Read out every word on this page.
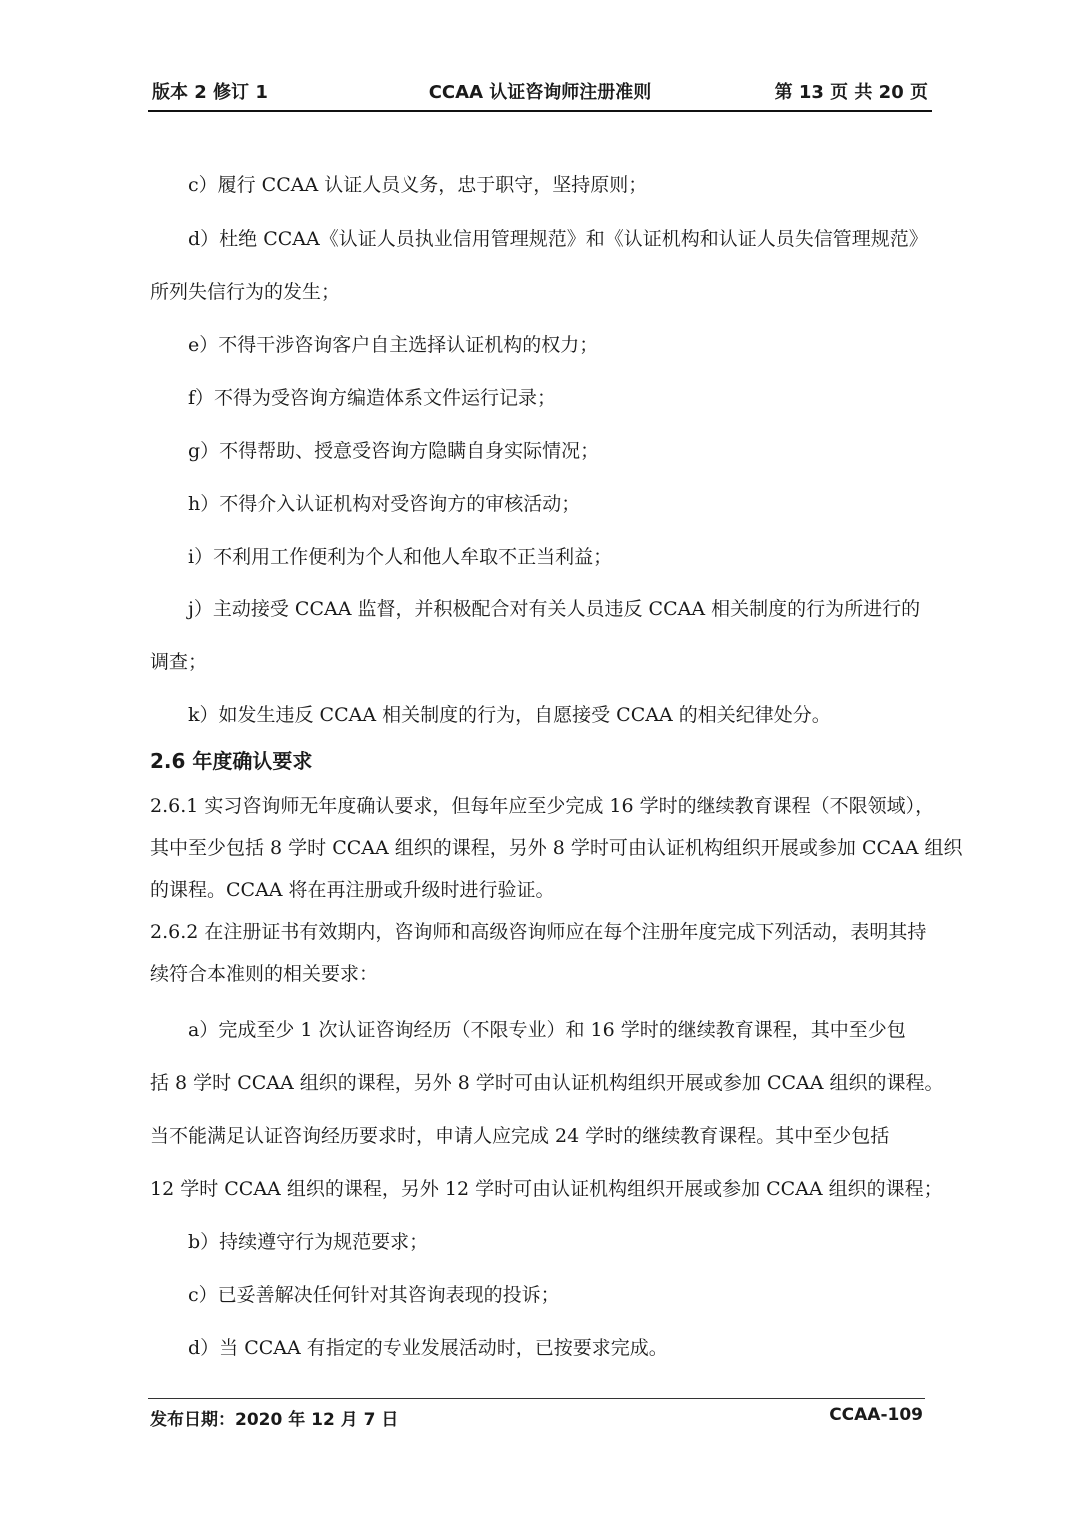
版本 2 修订 1	CCAA 认证咨询师注册准则	第 13 页 共 20 页
c）履行 CCAA 认证人员义务，忠于职守，坚持原则；
d）杜绝 CCAA《认证人员执业信用管理规范》和《认证机构和认证人员失信管理规范》
所列失信行为的发生；
e）不得干涉咨询客户自主选择认证机构的权力；
f）不得为受咨询方编造体系文件运行记录；
g）不得帮助、授意受咨询方隐瞒自身实际情况；
h）不得介入认证机构对受咨询方的审核活动；
i）不利用工作便利为个人和他人牟取不正当利益；
j）主动接受 CCAA 监督，并积极配合对有关人员违反 CCAA 相关制度的行为所进行的
调查；
k）如发生违反 CCAA 相关制度的行为，自愿接受 CCAA 的相关纪律处分。
2.6 年度确认要求
2.6.1 实习咨询师无年度确认要求，但每年应至少完成 16 学时的继续教育课程（不限领域），
其中至少包括 8 学时 CCAA 组织的课程，另外 8 学时可由认证机构组织开展或参加 CCAA 组织
的课程。CCAA 将在再注册或升级时进行验证。
2.6.2 在注册证书有效期内，咨询师和高级咨询师应在每个注册年度完成下列活动，表明其持
续符合本准则的相关要求：
a）完成至少 1 次认证咨询经历（不限专业）和 16 学时的继续教育课程，其中至少包
括 8 学时 CCAA 组织的课程，另外 8 学时可由认证机构组织开展或参加 CCAA 组织的课程。
当不能满足认证咨询经历要求时，申请人应完成 24 学时的继续教育课程。其中至少包括
12 学时 CCAA 组织的课程，另外 12 学时可由认证机构组织开展或参加 CCAA 组织的课程；
b）持续遵守行为规范要求；
c）已妥善解决任何针对其咨询表现的投诉；
d）当 CCAA 有指定的专业发展活动时，已按要求完成。
发布日期：2020 年 12 月 7 日	CCAA-109
